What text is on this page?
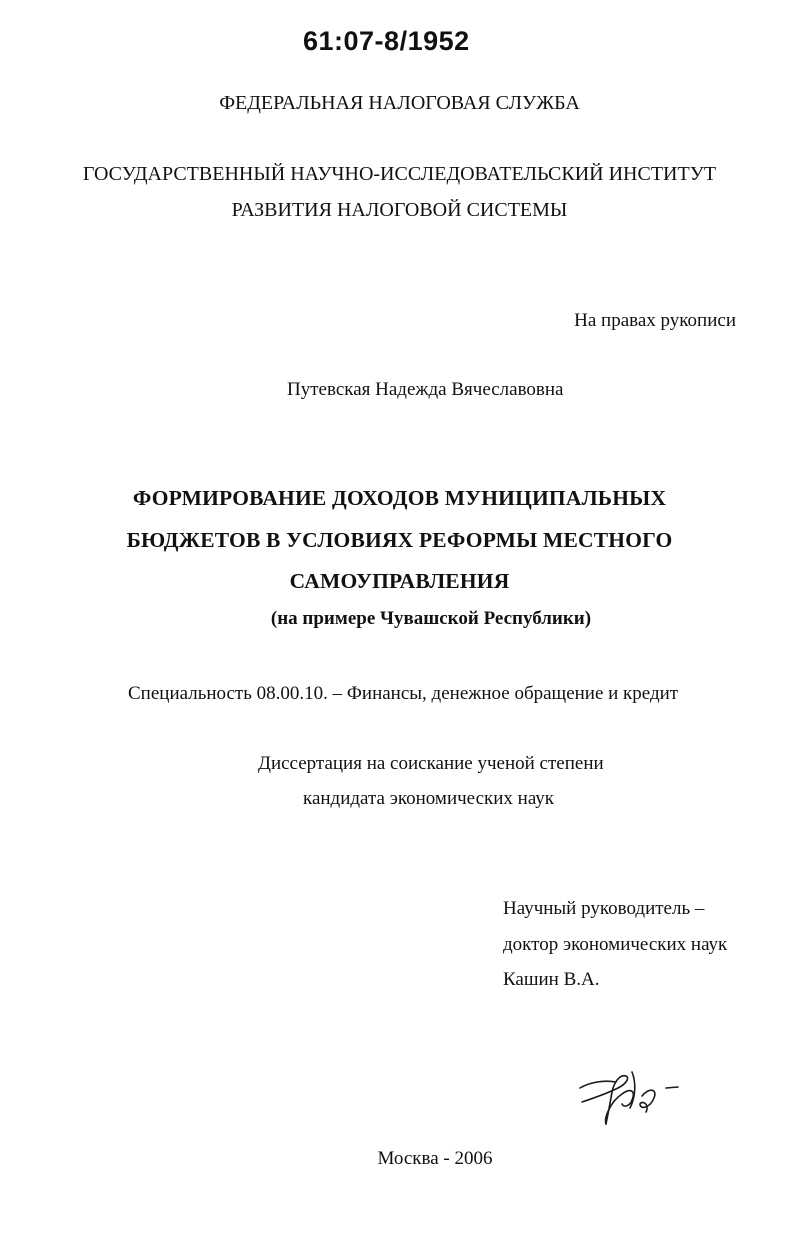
61:07-8/1952
ФЕДЕРАЛЬНАЯ НАЛОГОВАЯ СЛУЖБА
ГОСУДАРСТВЕННЫЙ НАУЧНО-ИССЛЕДОВАТЕЛЬСКИЙ ИНСТИТУТ
РАЗВИТИЯ НАЛОГОВОЙ СИСТЕМЫ
На правах рукописи
Путевская Надежда Вячеславовна
ФОРМИРОВАНИЕ ДОХОДОВ МУНИЦИПАЛЬНЫХ
БЮДЖЕТОВ В УСЛОВИЯХ РЕФОРМЫ МЕСТНОГО
САМОУПРАВЛЕНИЯ
(на примере Чувашской Республики)
Специальность 08.00.10. – Финансы, денежное обращение и кредит
Диссертация на соискание ученой степени
кандидата экономических наук
Научный руководитель –
доктор экономических наук
Кашин В.А.
Москва - 2006
